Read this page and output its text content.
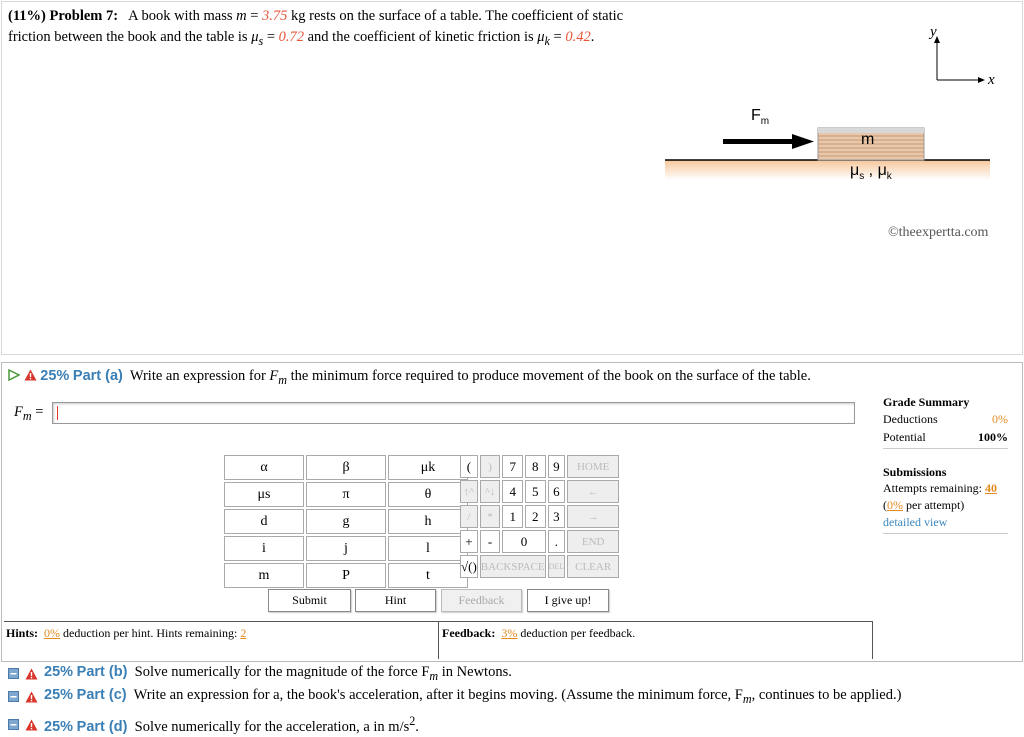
(11%) Problem 7: A book with mass m = 3.75 kg rests on the surface of a table. The coefficient of static friction between the book and the table is $\mu_s = 0.72$ and the coefficient of kinetic friction is $\mu_k = 0.42$.	y
x
$F_m$
m
$\mu_s$ , $\mu_k$
©theexpertta.com
25% Part (a) Write an expression for $F_m$ the minimum force required to produce movement of the book on the surface of the table.
$F_m$ =
Grade Summary
Deductions	0%
Potential	100%
Submissions
Attempts remaining: 40
(0% per attempt)
detailed view
α	β	μk
μs	π	θ
d	g	h
i	j	l
m	P	t
(	)	7	8	9	HOME
↑^	^↓	4	5	6	←
/	*	1	2	3	→
+	-	0		.	END
√()	BACKSPACE			DEL	CLEAR
Submit	Hint	Feedback	I give up!
Hints: 0% deduction per hint. Hints remaining: 2	Feedback: 3% deduction per feedback.
25% Part (b) Solve numerically for the magnitude of the force $F_m$ in Newtons.
25% Part (c) Write an expression for a, the book's acceleration, after it begins moving. (Assume the minimum force, $F_m$, continues to be applied.)
25% Part (d) Solve numerically for the acceleration, a in $m/s^2$.
